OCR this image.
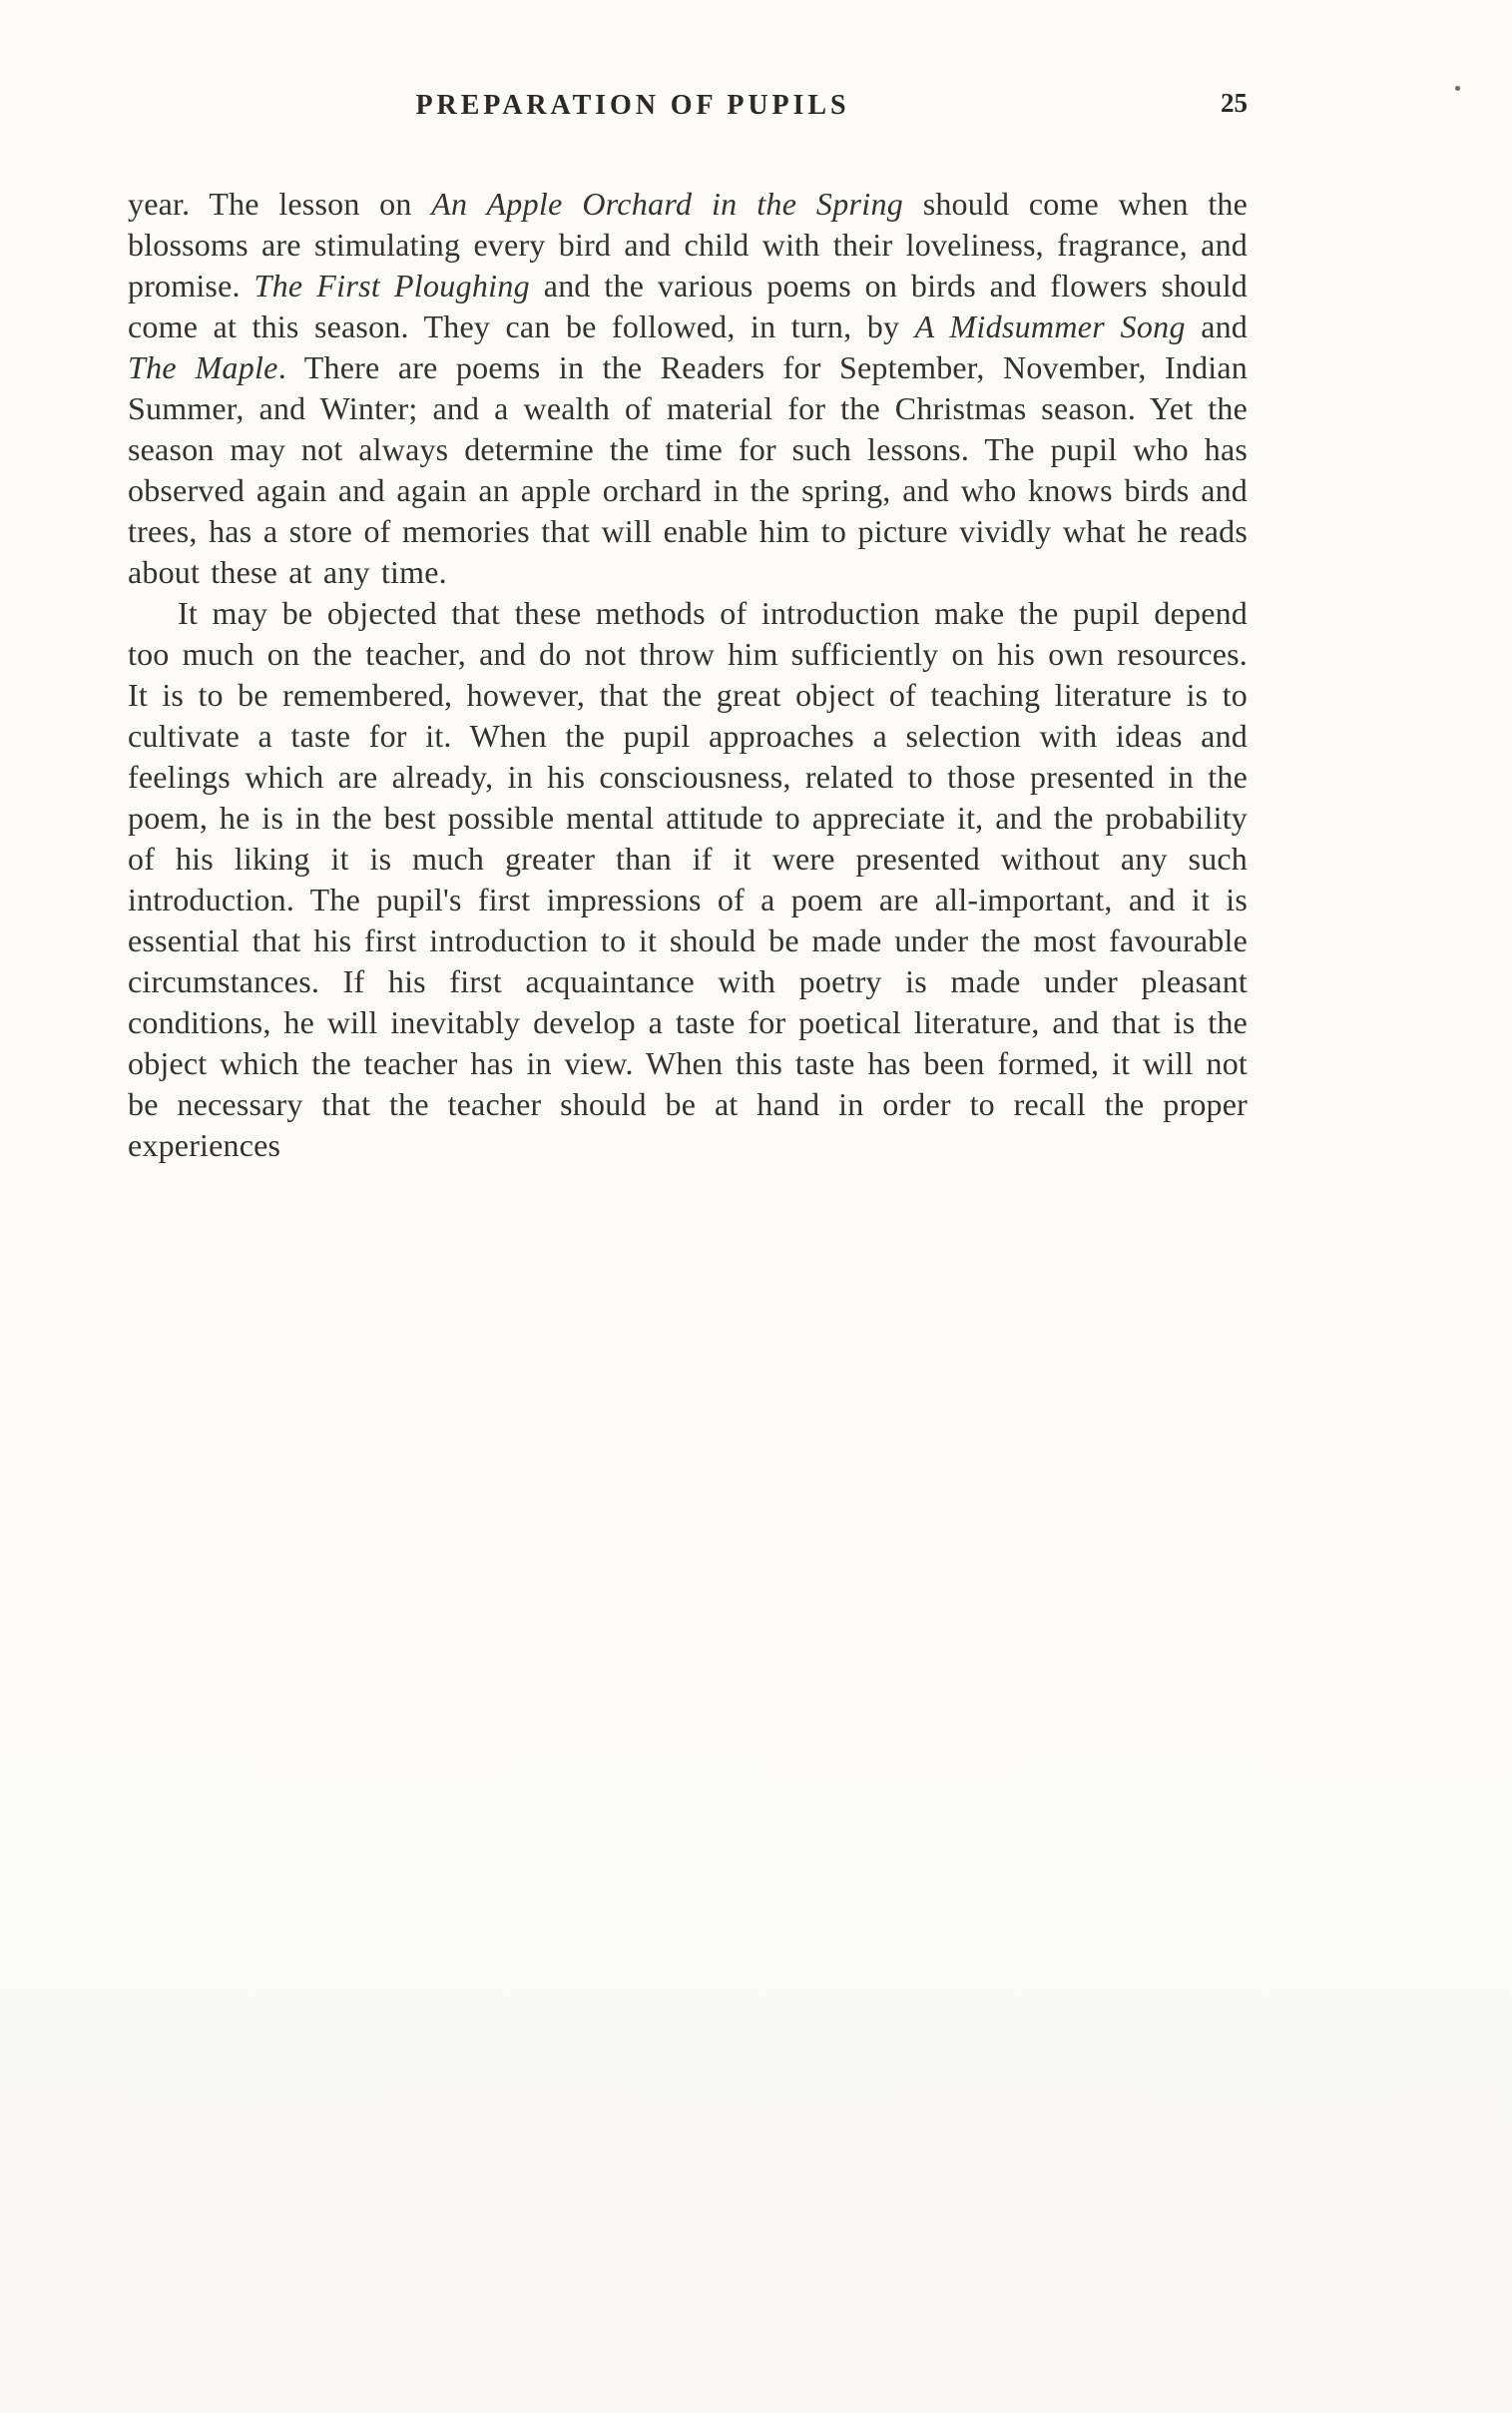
PREPARATION OF PUPILS	25

year. The lesson on An Apple Orchard in the Spring should come when the blossoms are stimulating every bird and child with their loveliness, fragrance, and promise. The First Ploughing and the various poems on birds and flowers should come at this season. They can be followed, in turn, by A Midsummer Song and The Maple. There are poems in the Readers for September, November, Indian Summer, and Winter; and a wealth of material for the Christmas season. Yet the season may not always determine the time for such lessons. The pupil who has observed again and again an apple orchard in the spring, and who knows birds and trees, has a store of memories that will enable him to picture vividly what he reads about these at any time.

It may be objected that these methods of introduction make the pupil depend too much on the teacher, and do not throw him sufficiently on his own resources. It is to be remembered, however, that the great object of teaching literature is to cultivate a taste for it. When the pupil approaches a selection with ideas and feelings which are already, in his consciousness, related to those presented in the poem, he is in the best possible mental attitude to appreciate it, and the probability of his liking it is much greater than if it were presented without any such introduction. The pupil's first impressions of a poem are all-important, and it is essential that his first introduction to it should be made under the most favourable circumstances. If his first acquaintance with poetry is made under pleasant conditions, he will inevitably develop a taste for poetical literature, and that is the object which the teacher has in view. When this taste has been formed, it will not be necessary that the teacher should be at hand in order to recall the proper experiences
